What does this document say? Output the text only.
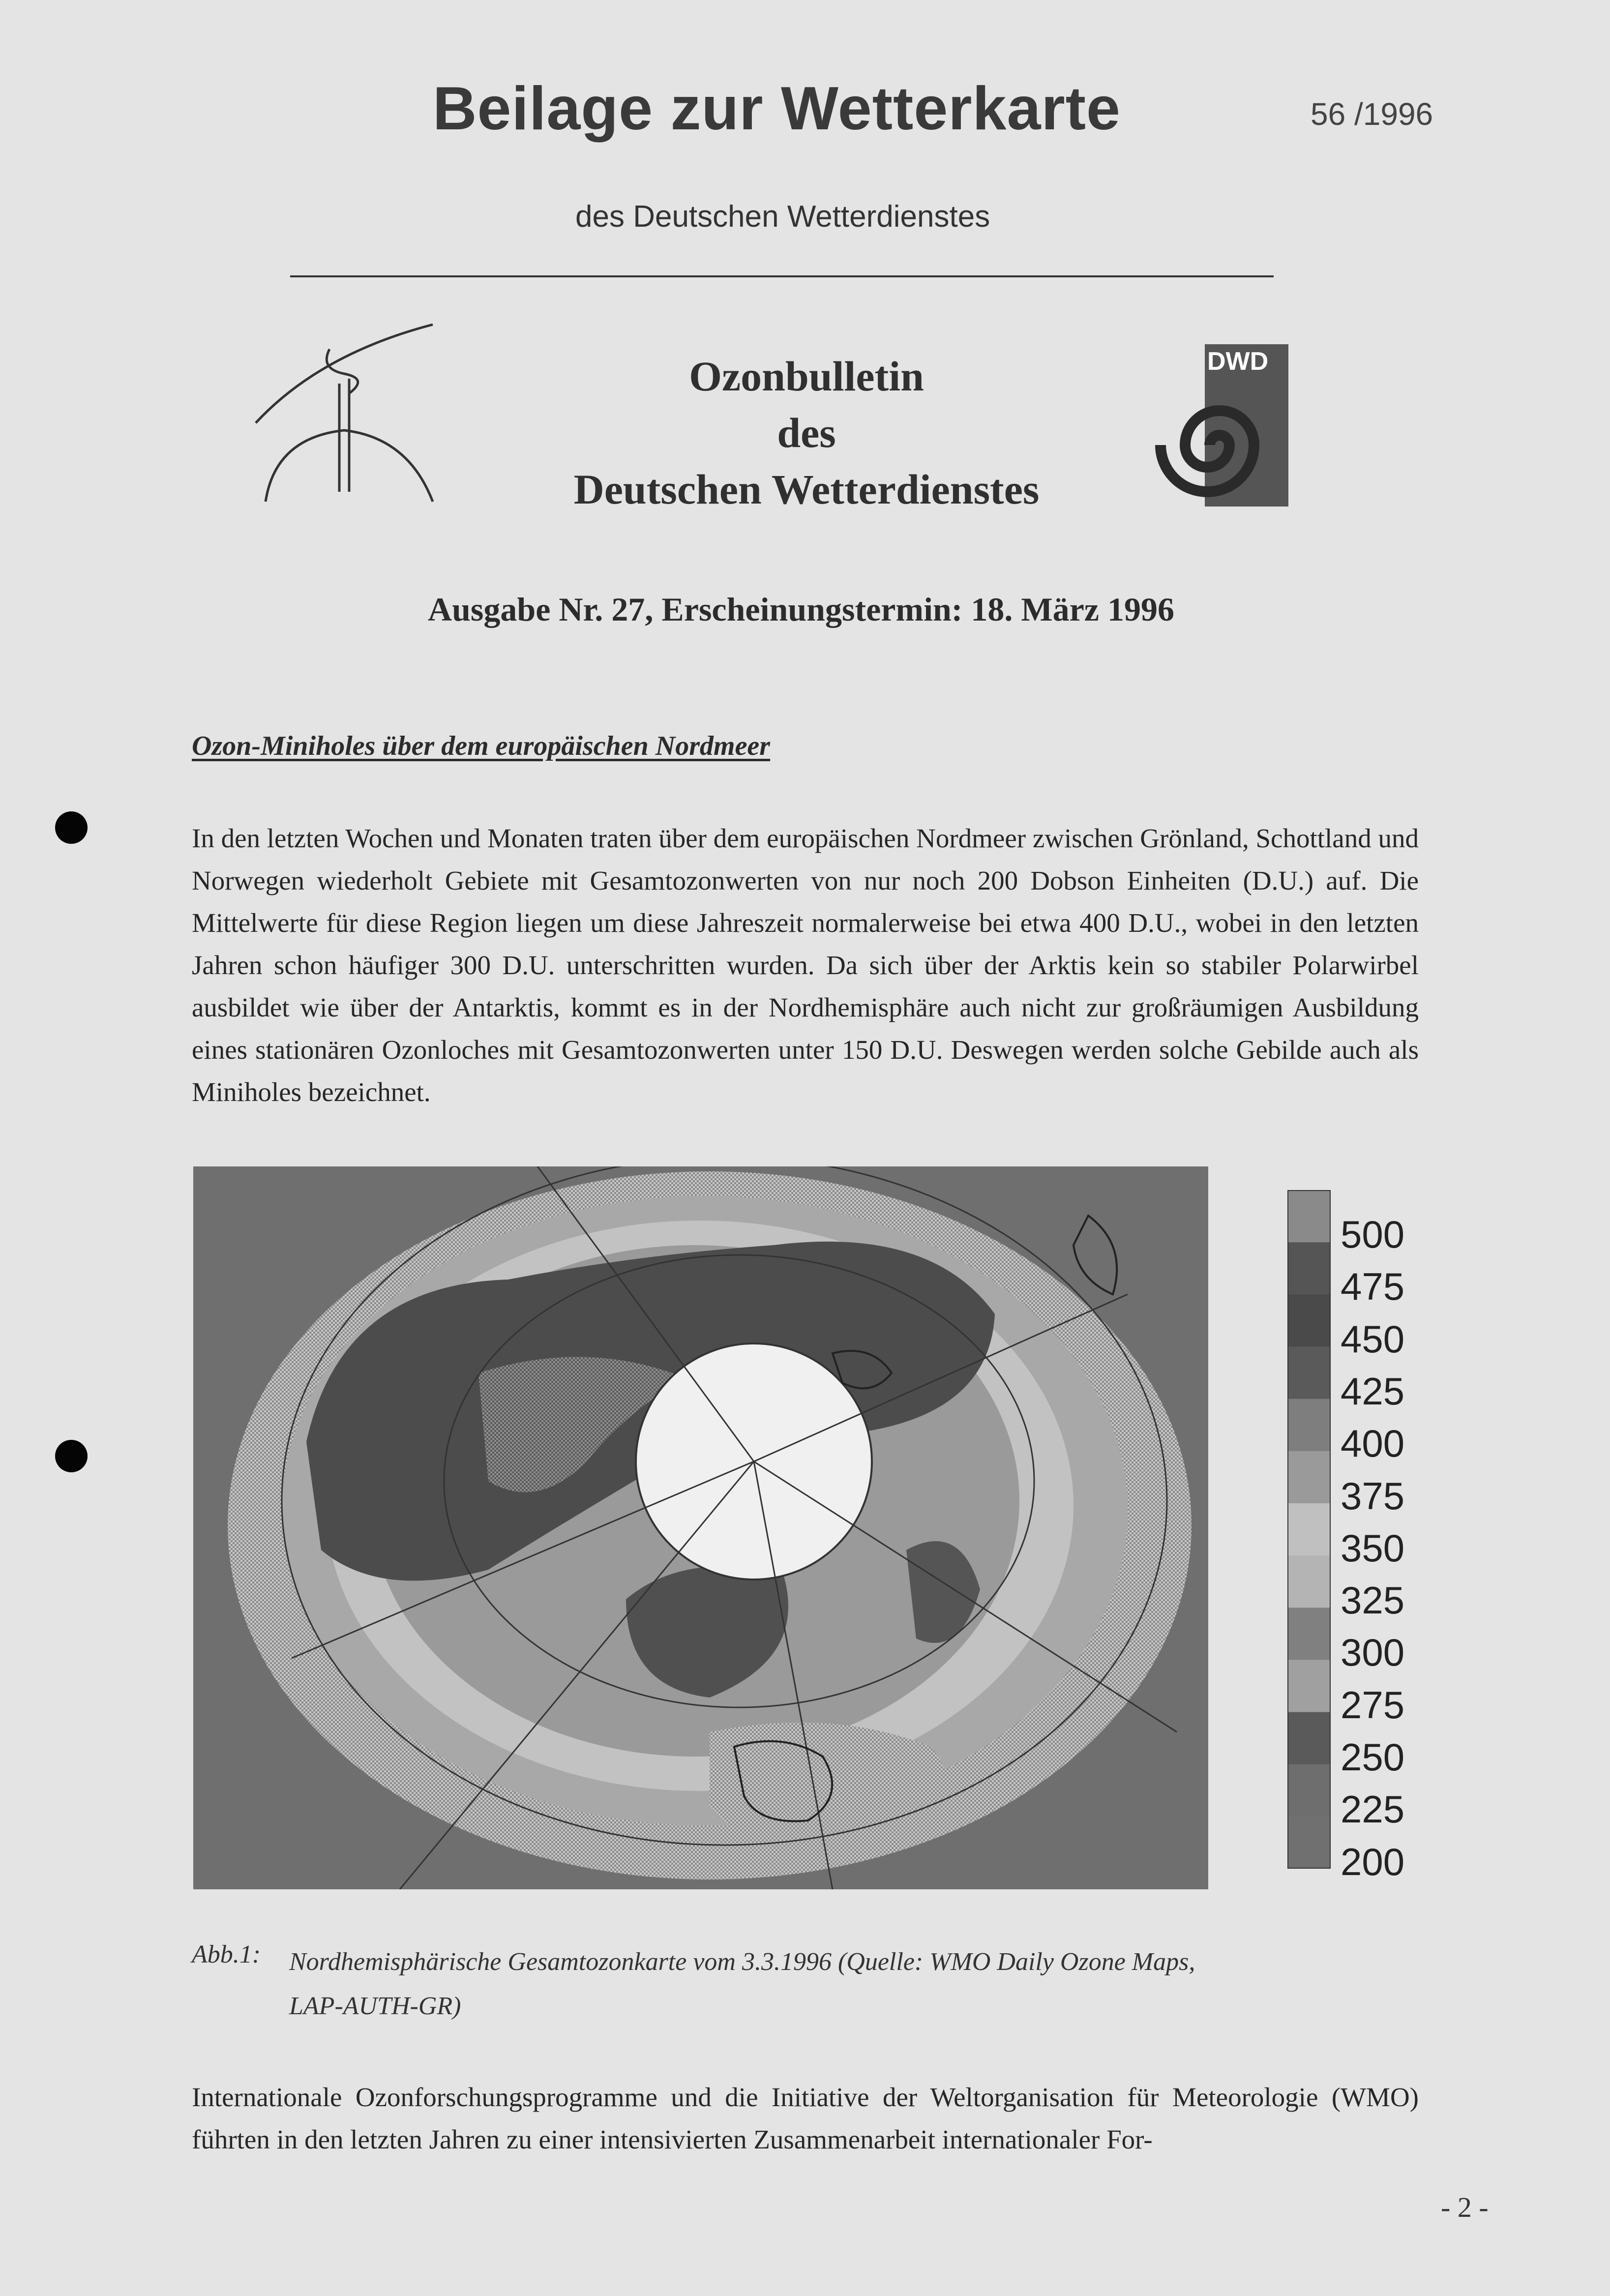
Beilage zur Wetterkarte	56 /1996
des Deutschen Wetterdienstes
Ozonbulletin
des
Deutschen Wetterdienstes
DWD
Ausgabe Nr. 27, Erscheinungstermin: 18. März 1996
Ozon-Miniholes über dem europäischen Nordmeer

In den letzten Wochen und Monaten traten über dem europäischen Nordmeer zwischen Grönland, Schottland und Norwegen wiederholt Gebiete mit Gesamtozonwerten von nur noch 200 Dobson Einheiten (D.U.) auf. Die Mittelwerte für diese Region liegen um diese Jahreszeit normalerweise bei etwa 400 D.U., wobei in den letzten Jahren schon häufiger 300 D.U. unterschritten wurden. Da sich über der Arktis kein so stabiler Polarwirbel ausbildet wie über der Antarktis, kommt es in der Nordhemisphäre auch nicht zur großräumigen Ausbildung eines stationären Ozonloches mit Gesamtozonwerten unter 150 D.U. Deswegen werden solche Gebilde auch als Miniholes bezeichnet.

500
475
450
425
400
375
350
325
300
275
250
225
200
Abb.1: Nordhemisphärische Gesamtozonkarte vom 3.3.1996 (Quelle: WMO Daily Ozone Maps, LAP-AUTH-GR)

Internationale Ozonforschungsprogramme und die Initiative der Weltorganisation für Meteorologie (WMO) führten in den letzten Jahren zu einer intensivierten Zusammenarbeit internationaler For-

- 2 -
